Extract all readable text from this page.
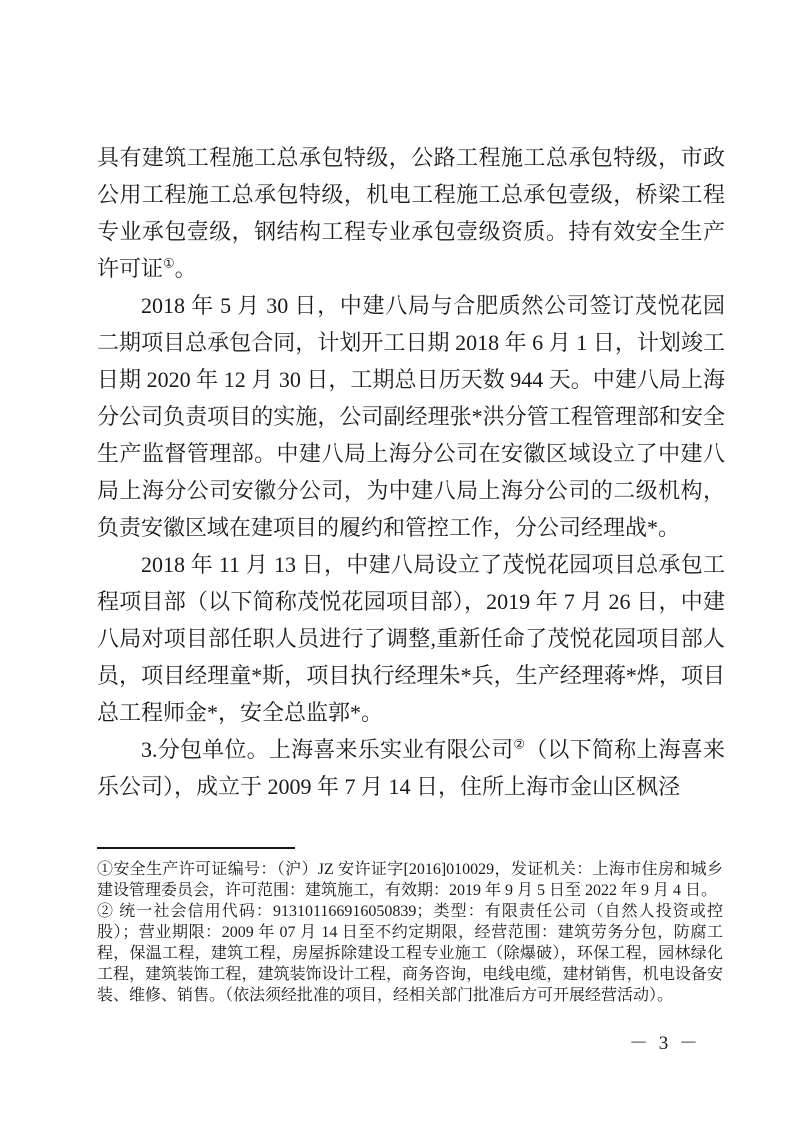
具有建筑工程施工总承包特级，公路工程施工总承包特级，市政公用工程施工总承包特级，机电工程施工总承包壹级，桥梁工程专业承包壹级，钢结构工程专业承包壹级资质。持有效安全生产许可证①。

2018 年 5 月 30 日，中建八局与合肥质然公司签订茂悦花园二期项目总承包合同，计划开工日期 2018 年 6 月 1 日，计划竣工日期 2020 年 12 月 30 日，工期总日历天数 944 天。中建八局上海分公司负责项目的实施，公司副经理张*洪分管工程管理部和安全生产监督管理部。中建八局上海分公司在安徽区域设立了中建八局上海分公司安徽分公司，为中建八局上海分公司的二级机构，负责安徽区域在建项目的履约和管控工作，分公司经理战*。

2018 年 11 月 13 日，中建八局设立了茂悦花园项目总承包工程项目部（以下简称茂悦花园项目部），2019 年 7 月 26 日，中建八局对项目部任职人员进行了调整,重新任命了茂悦花园项目部人员，项目经理童*斯，项目执行经理朱*兵，生产经理蒋*烨，项目总工程师金*，安全总监郭*。

3.分包单位。上海喜来乐实业有限公司②（以下简称上海喜来乐公司），成立于 2009 年 7 月 14 日，住所上海市金山区枫泾

①安全生产许可证编号：（沪）JZ 安许证字[2016]010029，发证机关：上海市住房和城乡建设管理委员会，许可范围：建筑施工，有效期：2019 年 9 月 5 日至 2022 年 9 月 4 日。

② 统一社会信用代码：913101166916050839；类型：有限责任公司（自然人投资或控股）；营业期限：2009 年 07 月 14 日至不约定期限，经营范围：建筑劳务分包，防腐工程，保温工程，建筑工程，房屋拆除建设工程专业施工（除爆破），环保工程，园林绿化工程，建筑装饰工程，建筑装饰设计工程，商务咨询，电线电缆，建材销售，机电设备安装、维修、销售。（依法须经批准的项目，经相关部门批准后方可开展经营活动）。

－ 3 －
